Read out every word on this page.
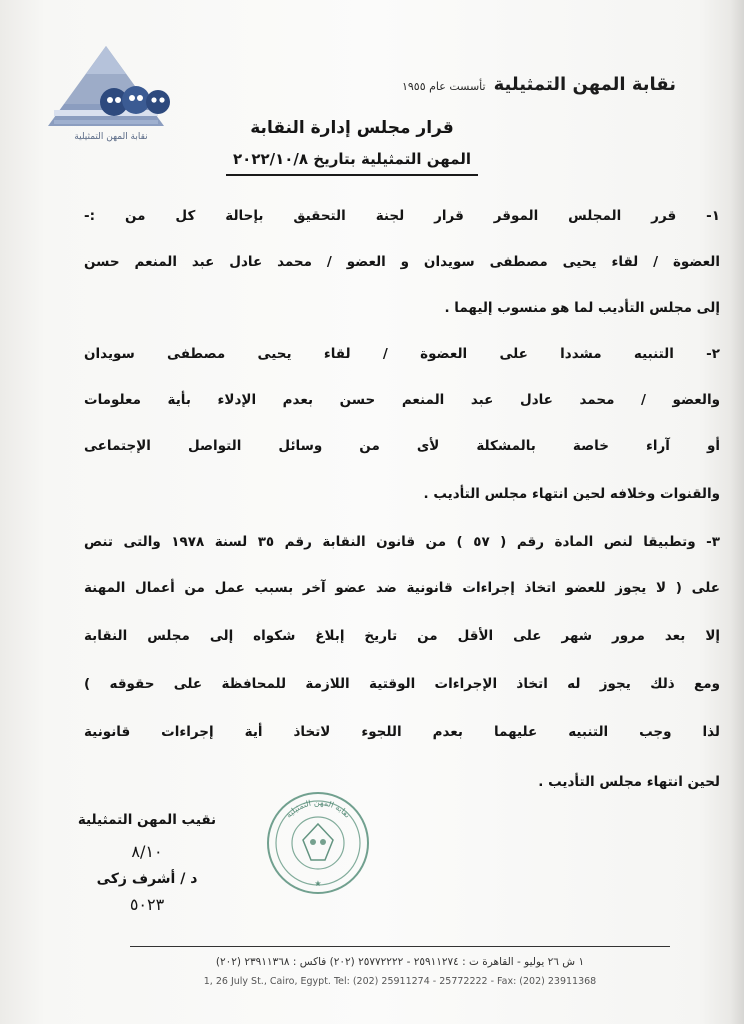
نقابة المهن التمثيلية
نقابة المهن التمثيليةتأسست عام ١٩٥٥
قرار مجلس إدارة النقابة
المهن التمثيلية بتاريخ ٢٠٢٢/١٠/٨
١- قرر المجلس الموقر قرار لجنة التحقيق بإحالة كل من :-
العضوة / لقاء يحيى مصطفى سويدان و العضو / محمد عادل عبد المنعم حسن
إلى مجلس التأديب لما هو منسوب إليهما .
٢- التنبيه مشددا على العضوة / لقاء يحيى مصطفى سويدان
والعضو / محمد عادل عبد المنعم حسن بعدم الإدلاء بأية معلومات
أو آراء خاصة بالمشكلة لأى من وسائل التواصل الإجتماعى
والقنوات وخلافه لحين انتهاء مجلس التأديب .
٣- وتطبيقا لنص المادة رقم ( ٥٧ ) من قانون النقابة رقم ٣٥ لسنة ١٩٧٨ والتى تنص
على ( لا يجوز للعضو اتخاذ إجراءات قانونية ضد عضو آخر بسبب عمل من أعمال المهنة
إلا بعد مرور شهر على الأقل من تاريخ إبلاغ شكواه إلى مجلس النقابة
ومع ذلك يجوز له اتخاذ الإجراءات الوقتية اللازمة للمحافظة على حقوقه )
لذا وجب التنبيه عليهما بعدم اللجوء لاتخاذ أية إجراءات قانونية
لحين انتهاء مجلس التأديب .
نقابة المهن التمثيلية
★
نقيب المهن التمثيلية
٨/١٠
د / أشرف زكى
٥٠٢٣
١ ش ٢٦ يوليو - القاهرة ت : ٢٥٩١١٢٧٤ - ٢٥٧٧٢٢٢٢ (٢٠٢) فاكس : ٢٣٩١١٣٦٨ (٢٠٢)
1, 26 July St., Cairo, Egypt. Tel: (202) 25911274 - 25772222 - Fax: (202) 23911368
